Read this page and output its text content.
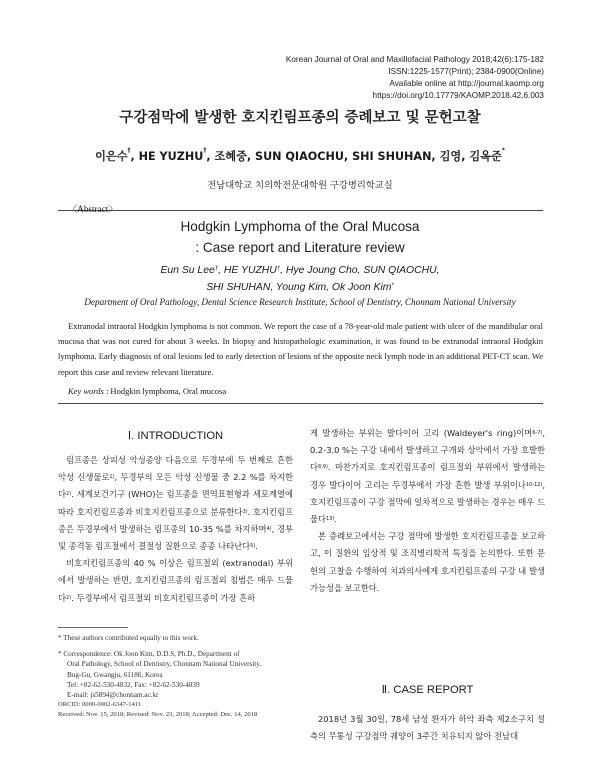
Korean Journal of Oral and Maxillofacial Pathology 2018;42(6):175-182
ISSN:1225-1577(Print); 2384-0900(Online)
Available online at http://journal.kaomp.org
https://doi.org/10.17779/KAOMP.2018.42.6.003
구강점막에 발생한 호지킨림프종의 증례보고 및 문헌고찰
이은수†, HE YUZHU†, 조혜중, SUN QIAOCHU, SHI SHUHAN, 김영, 김옥준*
전남대학교 치의학전문대학원 구강병리학교실
〈Abstract〉
Hodgkin Lymphoma of the Oral Mucosa
: Case report and Literature review
Eun Su Lee†, HE YUZHU†, Hye Joung Cho, SUN QIAOCHU,
SHI SHUHAN, Young Kim, Ok Joon Kim*
Department of Oral Pathology, Dental Science Research Institute, School of Dentistry, Chonnam National University

Extranodal intraoral Hodgkin lymphoma is not common. We report the case of a 78-year-old male patient with ulcer of the mandibular oral mucosa that was not cured for about 3 weeks. In biopsy and histopathologic examination, it was found to be extranodal intraoral Hodgkin lymphoma. Early diagnosis of oral lesions led to early detection of lesions of the opposite neck lymph node in an additional PET-CT scan. We report this case and review relevant literature.

Key words : Hodgkin lymphoma, Oral mucosa
Ⅰ. INTRODUCTION

림프종은 상피성 악성종양 다음으로 두경부에 두 번째로 흔한 악성 신생물로$^{1)}$, 두경부의 모든 악성 신생물 중 2.2 %를 차지한다$^{2)}$. 세계보건기구 (WHO)는 림프종을 면역표현형과 세포계열에 따라 호지킨림프종과 비호지킨림프종으로 분류한다$^{3)}$. 호지킨림프종은 두경부에서 발생하는 림프종의 10-35 %를 차지하며$^{4)}$, 경부 및 종격동 림프절에서 결절성 질환으로 종종 나타난다$^{5)}$.

비호지킨림프종의 40 % 이상은 림프절외 (extranodal) 부위에서 발생하는 반면, 호지킨림프종의 림프절외 침범은 매우 드물다$^{2)}$. 두경부에서 림프절외 비호지킨림프종이 가장 흔하

* These authors contributed equally to this work.
* Correspondence: Ok Joon Kim, D.D.S, Ph.D., Department of
Oral Pathology, School of Dentistry, Chonnam National University,
Bug-Gu, Gwangju, 61186, Korea
Tel: +82-62-530-4832, Fax: +82-62-530-4839
E-mail: js5894@chonnam.ac.kr
ORCID: 0000-0002-6347-1411
Received: Nov. 15, 2018; Revised: Nov. 23, 2018; Accepted: Dec. 14, 2018

게 발생하는 부위는 발다이어 고리 (Waldeyer's ring)이며$^{6-7)}$, 0.2-3.0 %는 구강 내에서 발생하고 구개와 상악에서 가장 호발한다$^{8,9)}$. 마찬가지로 호지킨림프종이 림프절외 부위에서 발생하는 경우 발다이어 고리는 두경부에서 가장 흔한 발생 부위이나$^{10-12)}$, 호지킨림프종이 구강 점막에 일차적으로 발생하는 경우는 매우 드물다$^{13)}$.

본 증례보고에서는 구강 점막에 발생한 호지킨림프종을 보고하고, 이 질환의 임상적 및 조직병리학적 특징을 논의한다. 또한 문헌의 고찰을 수행하여 치과의사에게 호지킨림프종의 구강 내 발생 가능성을 보고한다.

Ⅱ. CASE REPORT

2018년 3월 30일, 78세 남성 환자가 하악 좌측 제2소구치 설측의 무통성 구강점막 궤양이 3주간 치유되지 않아 전남대
